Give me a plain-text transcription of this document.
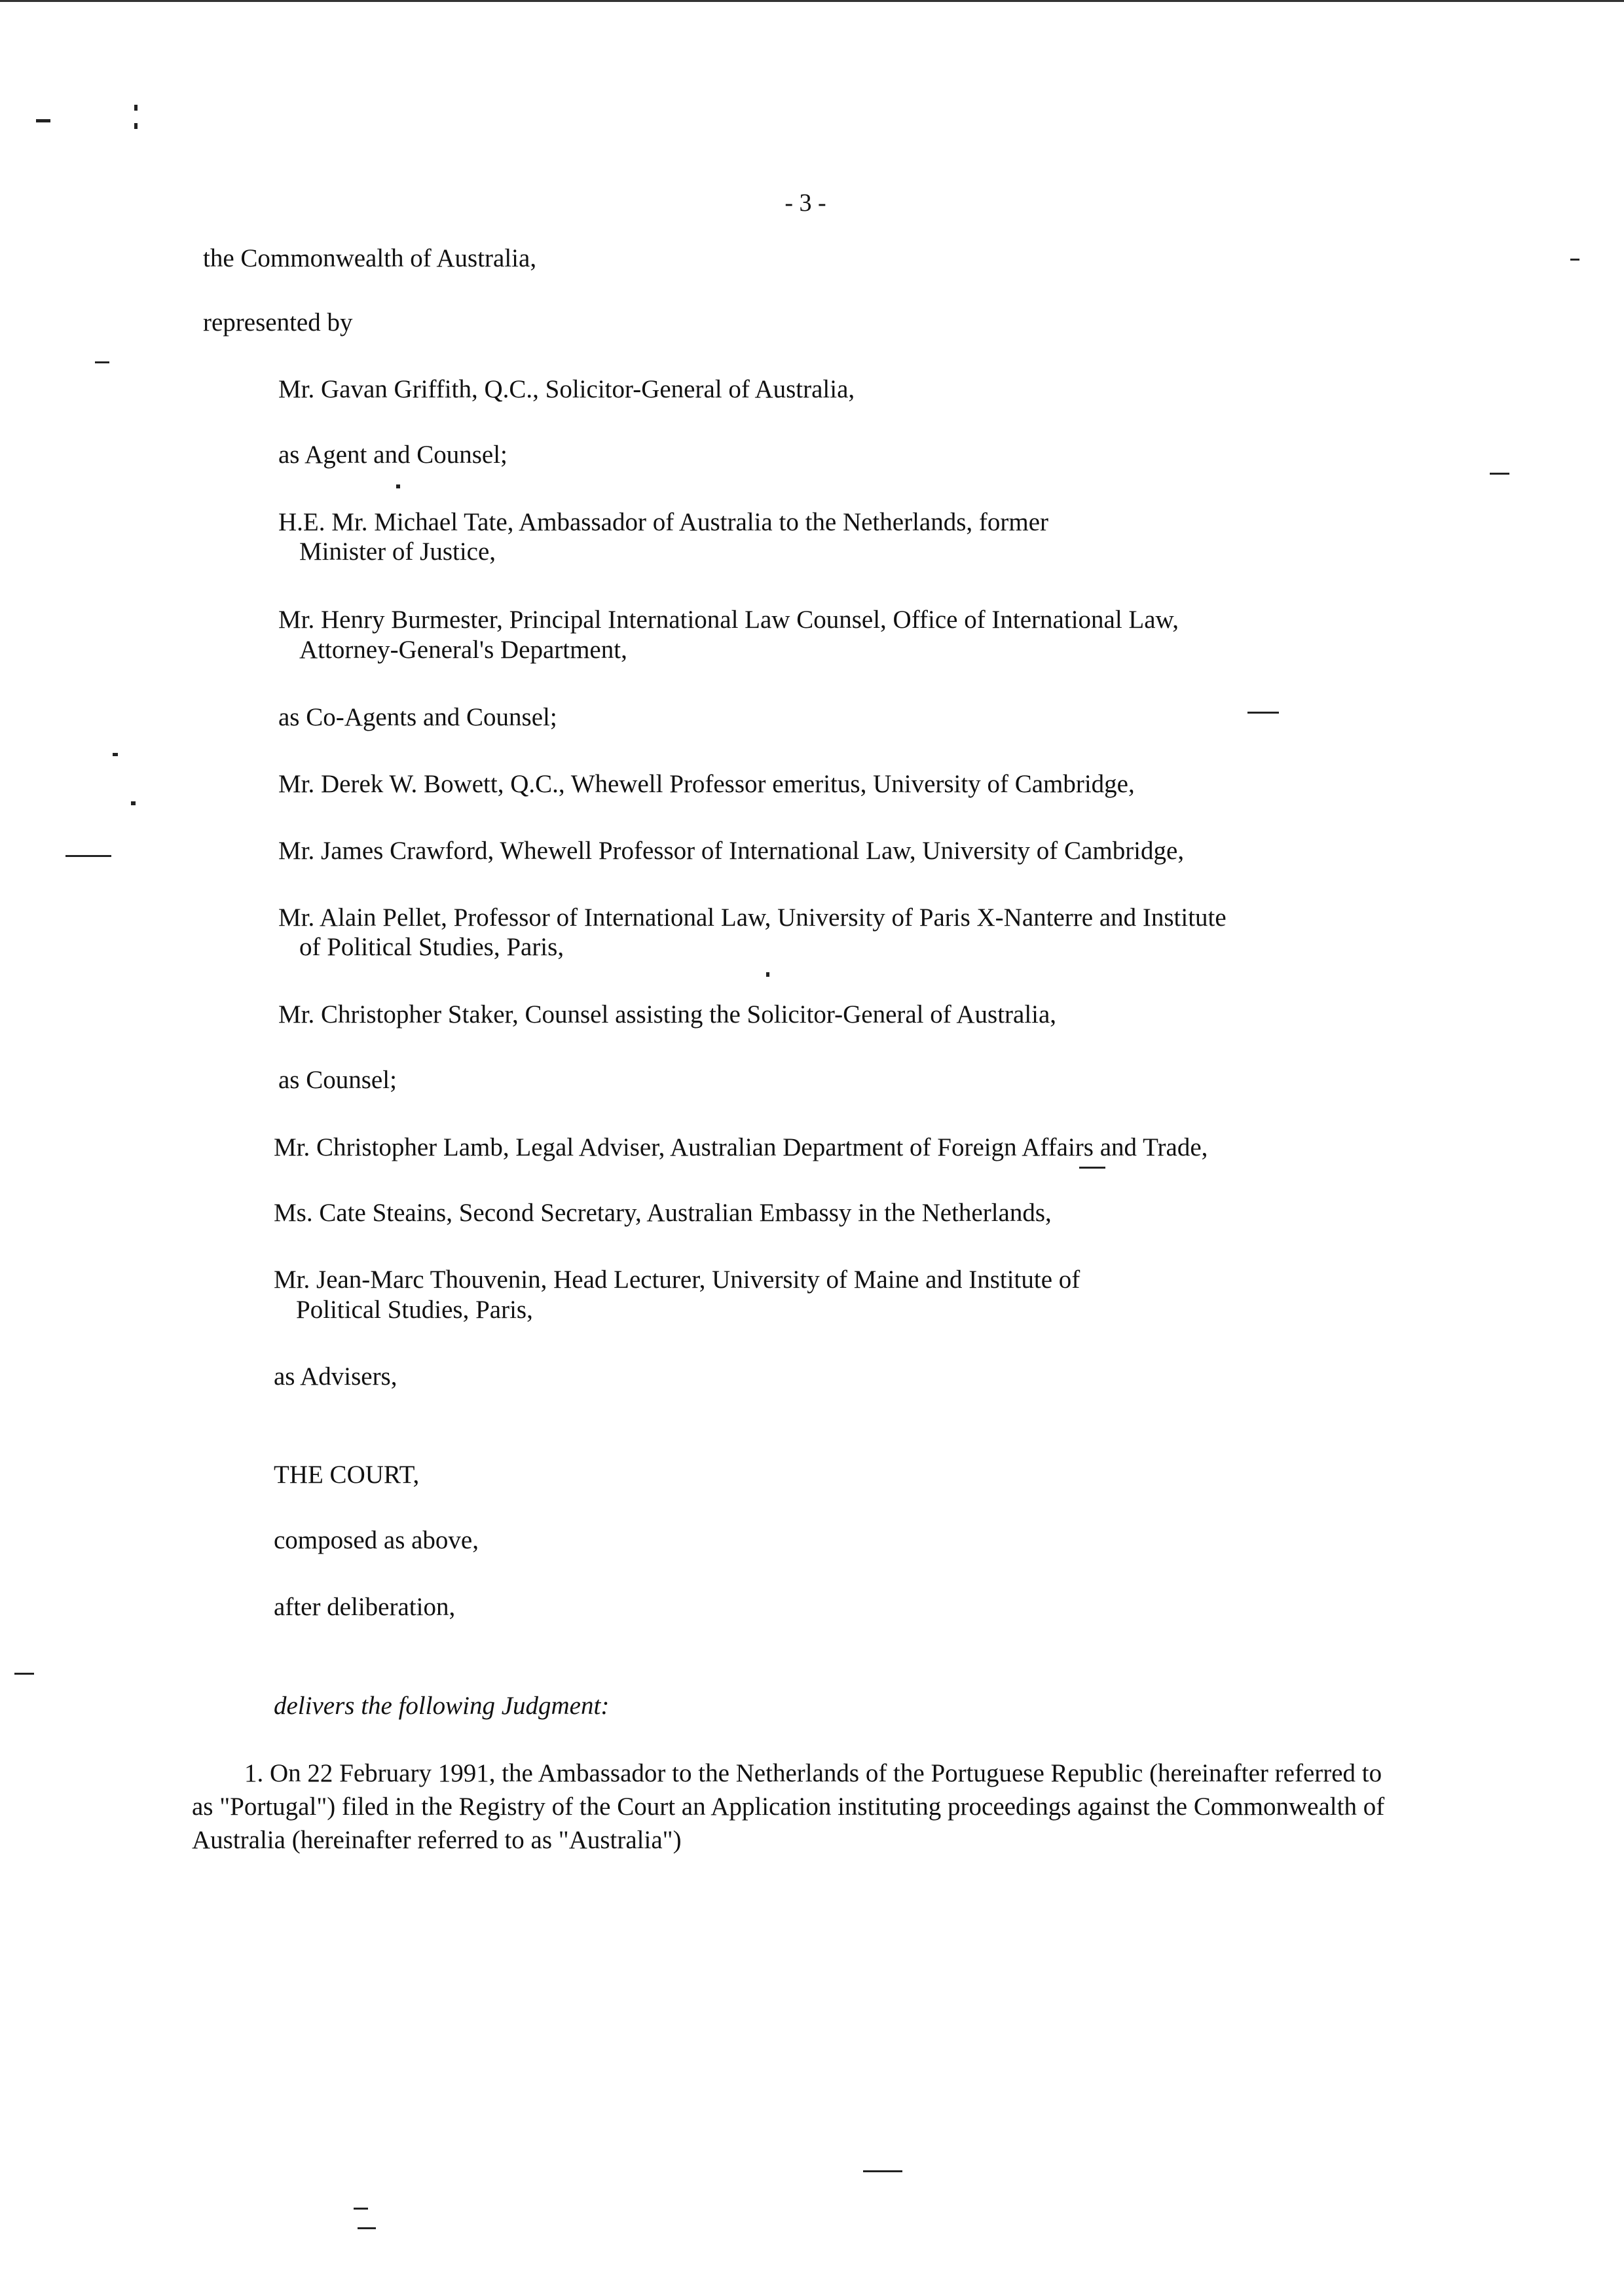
- 3 -
the Commonwealth of Australia,
represented by
Mr. Gavan Griffith, Q.C., Solicitor-General of Australia,
as Agent and Counsel;
H.E. Mr. Michael Tate, Ambassador of Australia to the Netherlands, former
Minister of Justice,
Mr. Henry Burmester, Principal International Law Counsel, Office of International Law,
Attorney-General's Department,
as Co-Agents and Counsel;
Mr. Derek W. Bowett, Q.C., Whewell Professor emeritus, University of Cambridge,
Mr. James Crawford, Whewell Professor of International Law, University of Cambridge,
Mr. Alain Pellet, Professor of International Law, University of Paris X-Nanterre and Institute
of Political Studies, Paris,
Mr. Christopher Staker, Counsel assisting the Solicitor-General of Australia,
as Counsel;
Mr. Christopher Lamb, Legal Adviser, Australian Department of Foreign Affairs and Trade,
Ms. Cate Steains, Second Secretary, Australian Embassy in the Netherlands,
Mr. Jean-Marc Thouvenin, Head Lecturer, University of Maine and Institute of
Political Studies, Paris,
as Advisers,
THE COURT,
composed as above,
after deliberation,
delivers the following Judgment:
1. On 22 February 1991, the Ambassador to the Netherlands of the Portuguese Republic (hereinafter referred to as "Portugal") filed in the Registry of the Court an Application instituting proceedings against the Commonwealth of Australia (hereinafter referred to as "Australia")
